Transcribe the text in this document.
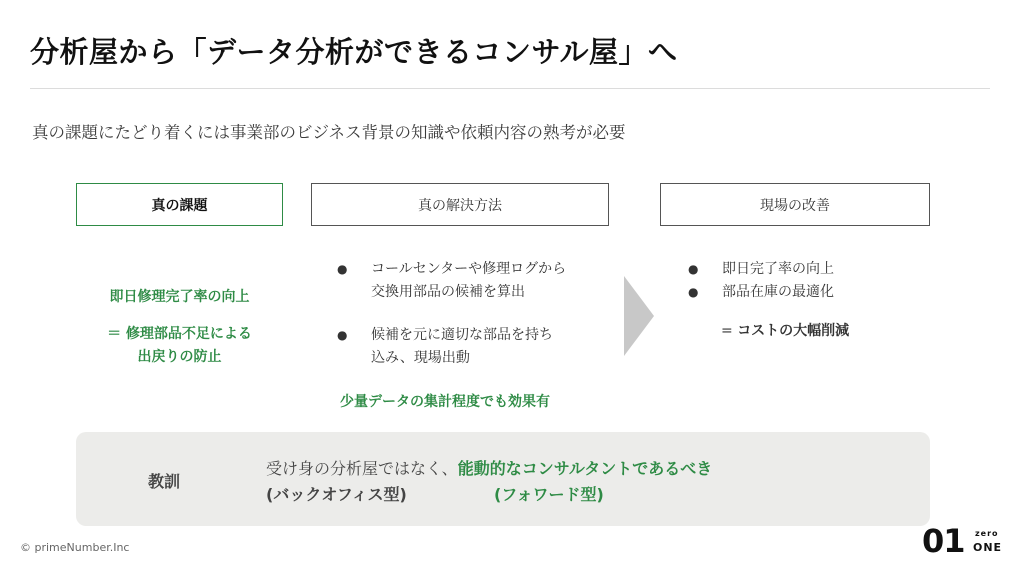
分析屋から「データ分析ができるコンサル屋」へ
真の課題にたどり着くには事業部のビジネス背景の知識や依頼内容の熟考が必要
真の課題	真の解決方法	現場の改善
即日修理完了率の向上
＝ 修理部品不足による
出戻りの防止
● コールセンターや修理ログから
交換用部品の候補を算出
● 候補を元に適切な部品を持ち
込み、現場出動
少量データの集計程度でも効果有
● 即日完了率の向上
● 部品在庫の最適化
= コストの大幅削減
教訓
受け身の分析屋ではなく、能動的なコンサルタントであるべき
(バックオフィス型)	(フォワード型)
© primeNumber.Inc	01 zero
ONE
